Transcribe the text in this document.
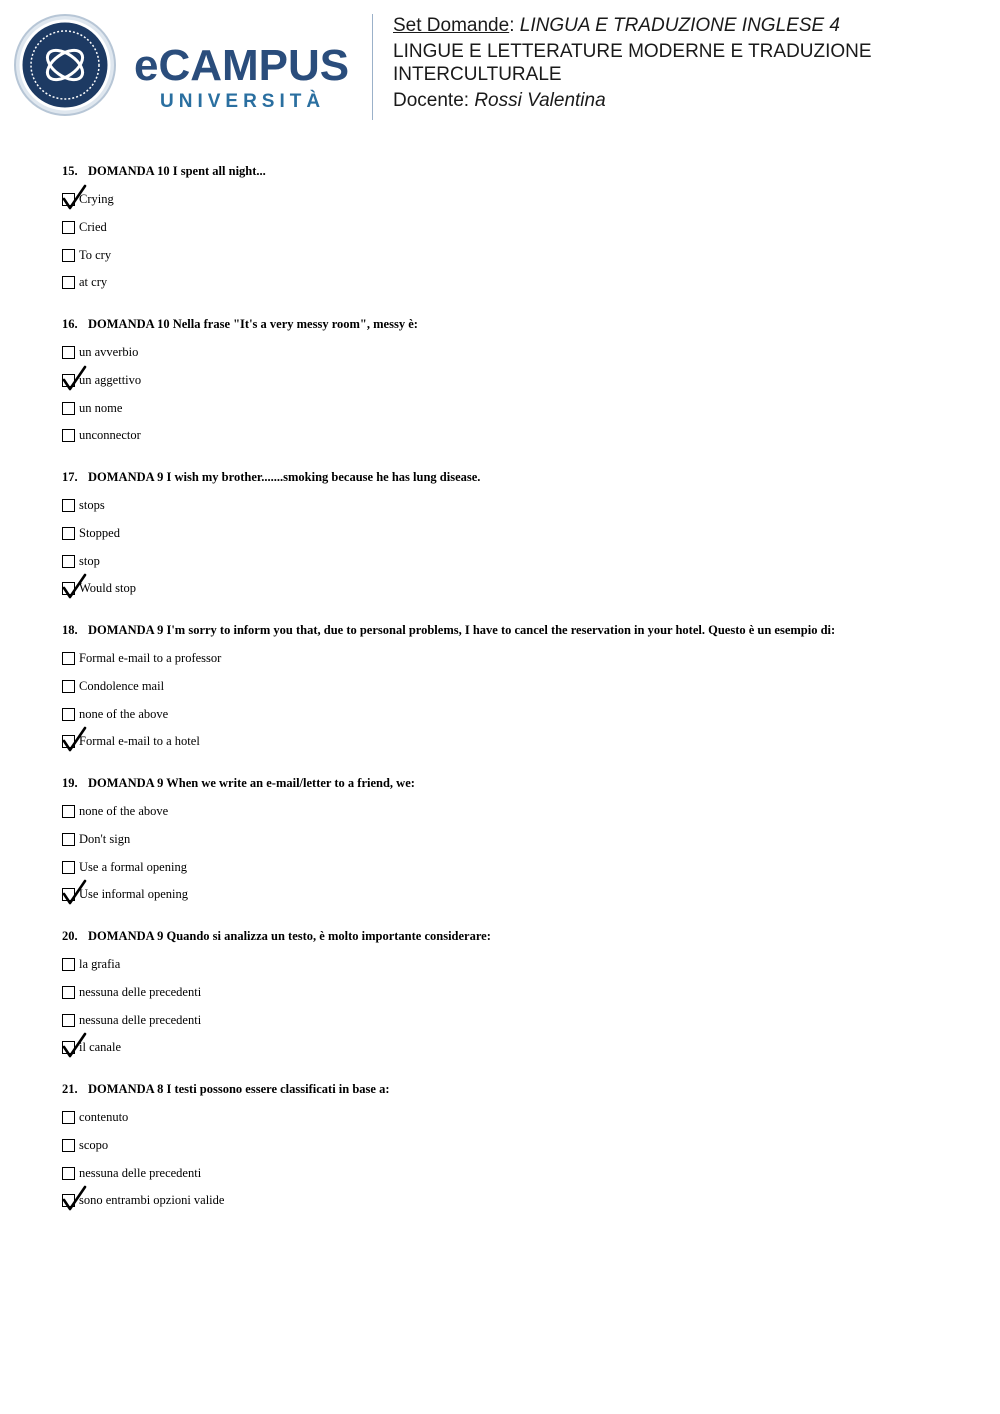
eCAMPUS
UNIVERSITÀ

Set Domande: LINGUA E TRADUZIONE INGLESE 4

LINGUE E LETTERATURE MODERNE E TRADUZIONE

INTERCULTURALE

Docente: Rossi Valentina

15. DOMANDA 10 I spent all night...
Crying
Cried
To cry
at cry
16. DOMANDA 10 Nella frase "It's a very messy room", messy è:
un avverbio
un aggettivo
un nome
unconnector
17. DOMANDA 9 I wish my brother.......smoking because he has lung disease.
stops
Stopped
stop
Would stop
18. DOMANDA 9 I'm sorry to inform you that, due to personal problems, I have to cancel the reservation in your hotel. Questo è un esempio di:
Formal e-mail to a professor
Condolence mail
none of the above
Formal e-mail to a hotel
19. DOMANDA 9 When we write an e-mail/letter to a friend, we:
none of the above
Don't sign
Use a formal opening
Use informal opening
20. DOMANDA 9 Quando si analizza un testo, è molto importante considerare:
la grafia
nessuna delle precedenti
nessuna delle precedenti
il canale
21. DOMANDA 8 I testi possono essere classificati in base a:
contenuto
scopo
nessuna delle precedenti
sono entrambi opzioni valide
